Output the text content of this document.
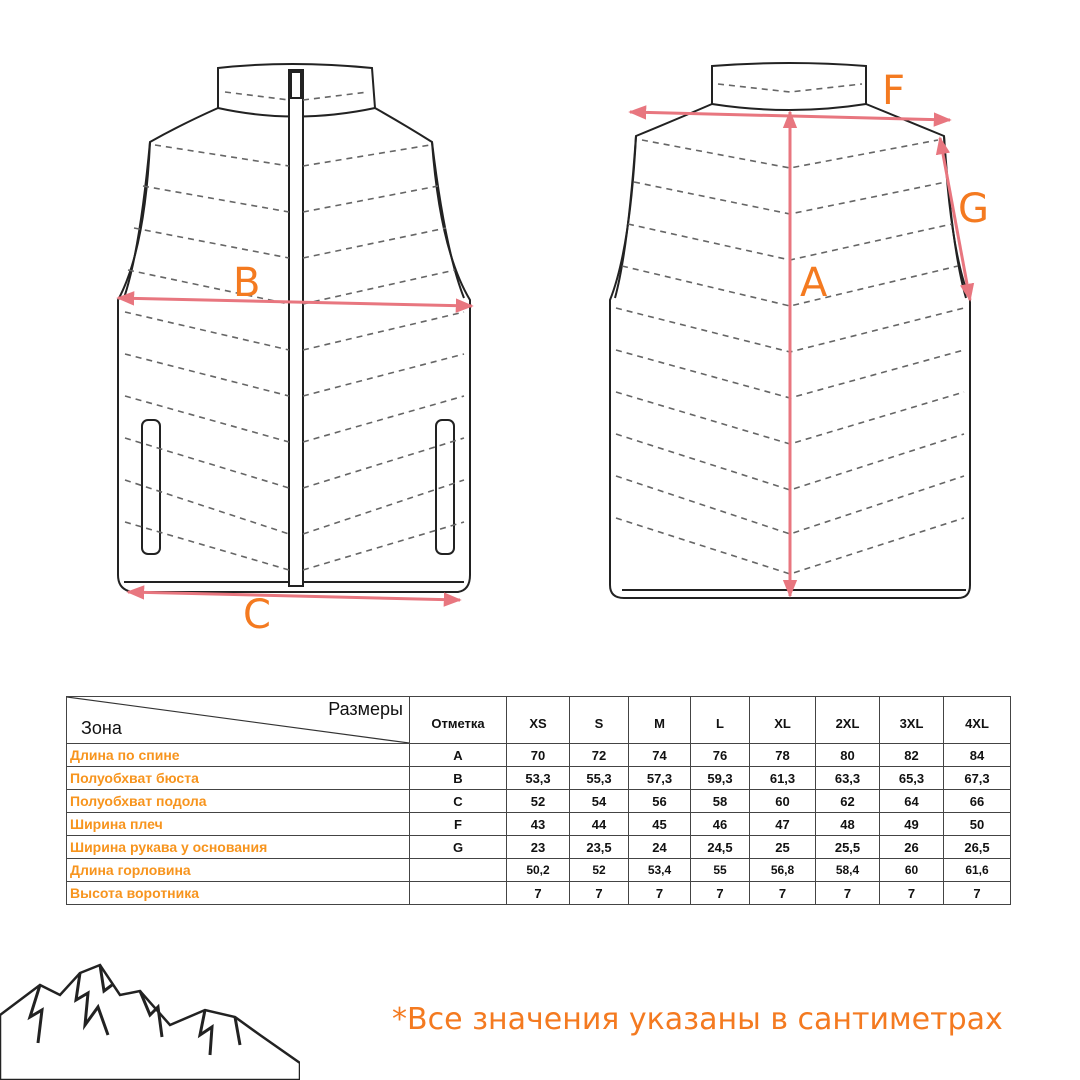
B
C
A
F
G
Размеры
Зона	Отметка	XS	S	M	L	XL	2XL	3XL	4XL
Длина по спине	A	70	72	74	76	78	80	82	84
Полуобхват бюста	B	53,3	55,3	57,3	59,3	61,3	63,3	65,3	67,3
Полуобхват подола	C	52	54	56	58	60	62	64	66
Ширина плеч	F	43	44	45	46	47	48	49	50
Ширина рукава у основания	G	23	23,5	24	24,5	25	25,5	26	26,5
Длина горловина		50,2	52	53,4	55	56,8	58,4	60	61,6
Высота воротника		7	7	7	7	7	7	7	7
*Все значения указаны в сантиметрах
